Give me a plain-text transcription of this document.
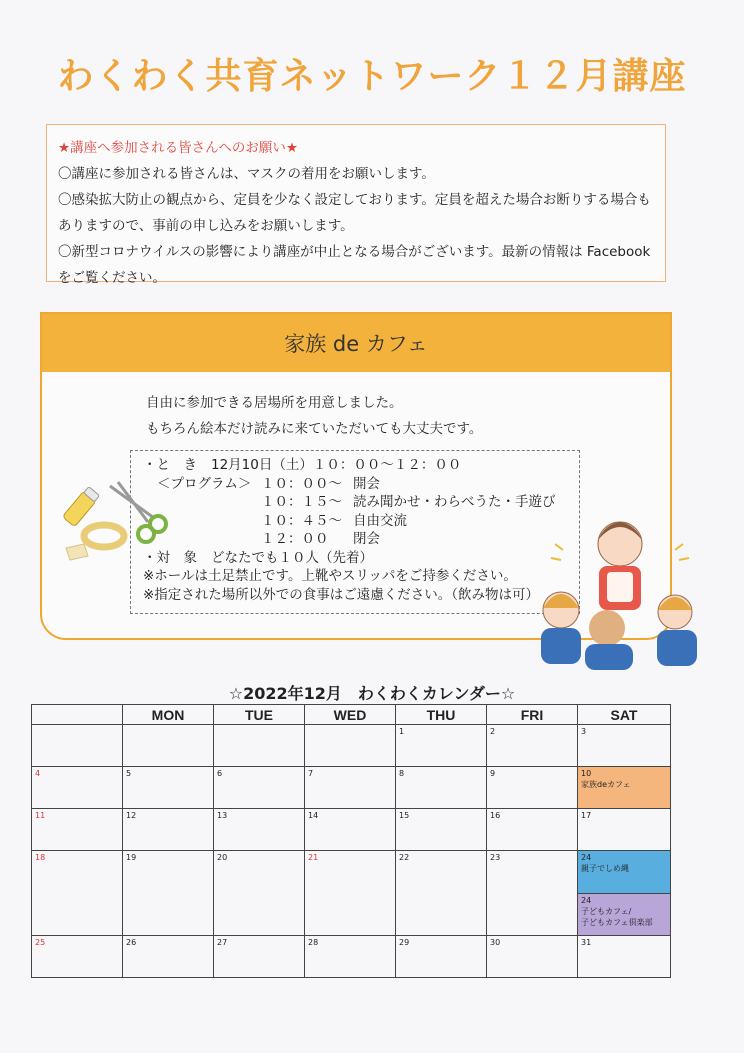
わくわく共育ネットワーク１２月講座
★講座へ参加される皆さんへのお願い★
〇講座に参加される皆さんは、マスクの着用をお願いします。
〇感染拡大防止の観点から、定員を少なく設定しております。定員を超えた場合お断りする場合も
ありますので、事前の申し込みをお願いします。
〇新型コロナウイルスの影響により講座が中止となる場合がございます。最新の情報は Facebook
をご覧ください。
家族 de カフェ
自由に参加できる居場所を用意しました。
もちろん絵本だけ読みに来ていただいても大丈夫です。
・と　き 12月10日（土）１０：００～１２：００
＜プログラム＞ １０：００～ 開会
１０：１５～ 読み聞かせ・わらべうた・手遊び
１０：４５～ 自由交流
１２：００ 閉会
・対　象 どなたでも１０人（先着）
※ホールは土足禁止です。上靴やスリッパをご持参ください。
※指定された場所以外での食事はご遠慮ください。（飲み物は可）
☆2022年12月　わくわくカレンダー☆
	MON	TUE	WED	THU	FRI	SAT

				1	2	3

4	5	6	7	8	9	10
家族deカフェ

11	12	13	14	15	16	17

18	19	20	21	22	23	24
親子でしめ縄
24
子どもカフェ/
子どもカフェ倶楽部

25	26	27	28	29	30	31
